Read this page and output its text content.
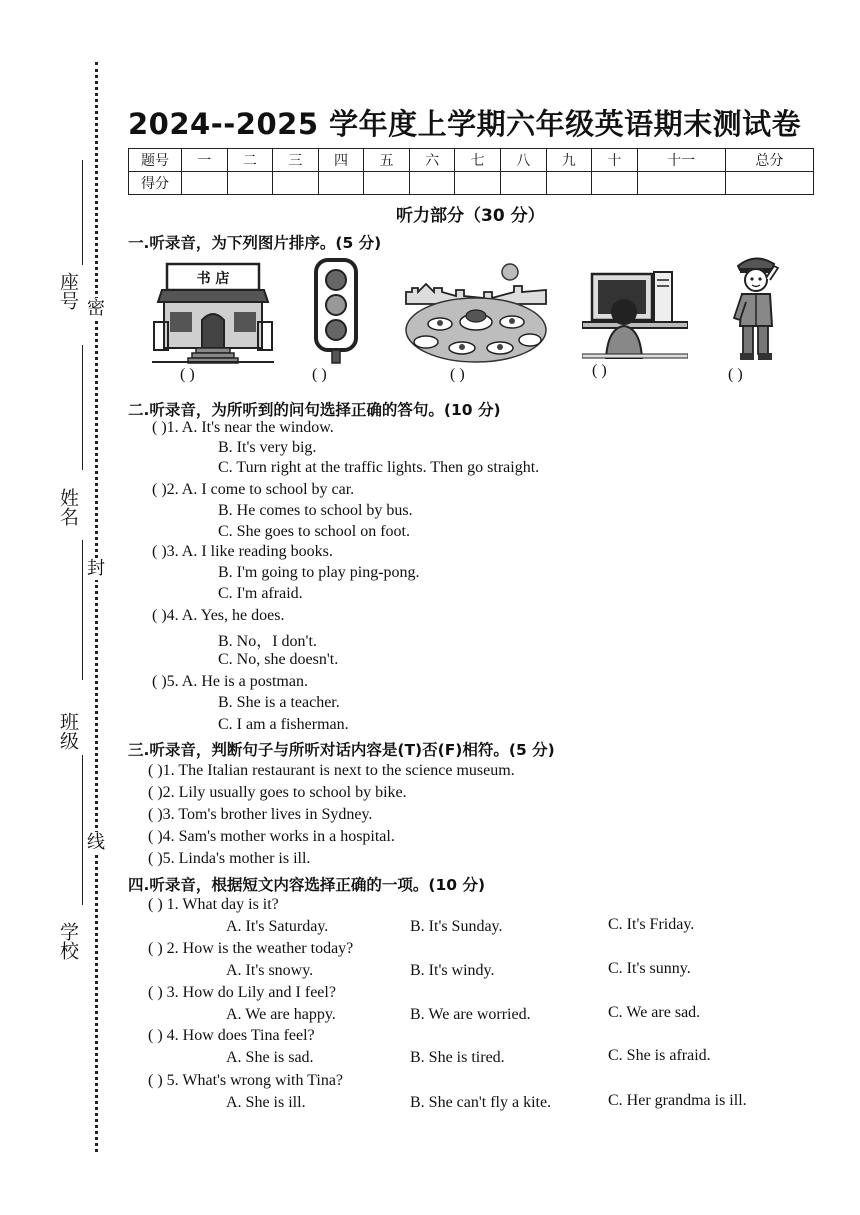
座号
姓名
班级
学校
密
封
线
2024--2025 学年度上学期六年级英语期末测试卷
题号	一	二	三	四	五	六	七	八	九	十	十一	总分
得分												
听力部分（30 分）
一.听录音，为下列图片排序。(5 分)
书 店
( )	( )	( )	( )	( )
二.听录音，为所听到的问句选择正确的答句。(10 分)
( )1. A. It's near the window.
B. It's very big.
C. Turn right at the traffic lights. Then go straight.
( )2. A. I come to school by car.
B. He comes to school by bus.
C. She goes to school on foot.
( )3. A. I like reading books.
B. I'm going to play ping-pong.
C. I'm afraid.
( )4. A. Yes, he does.
B. No，I don't.
C. No, she doesn't.
( )5. A. He is a postman.
B. She is a teacher.
C. I am a fisherman.
三.听录音，判断句子与所听对话内容是(T)否(F)相符。(5 分)
( )1. The Italian restaurant is next to the science museum.
( )2. Lily usually goes to school by bike.
( )3. Tom's brother lives in Sydney.
( )4. Sam's mother works in a hospital.
( )5. Linda's mother is ill.
四.听录音，根据短文内容选择正确的一项。(10 分)
( ) 1. What day is it?
A. It's Saturday.	B. It's Sunday.	C. It's Friday.
( ) 2. How is the weather today?
A. It's snowy.	B. It's windy.	C. It's sunny.
( ) 3. How do Lily and I feel?
A. We are happy.	B. We are worried.	C. We are sad.
( ) 4. How does Tina feel?
A. She is sad.	B. She is tired.	C. She is afraid.
( ) 5. What's wrong with Tina?
A. She is ill.	B. She can't fly a kite.	C. Her grandma is ill.
